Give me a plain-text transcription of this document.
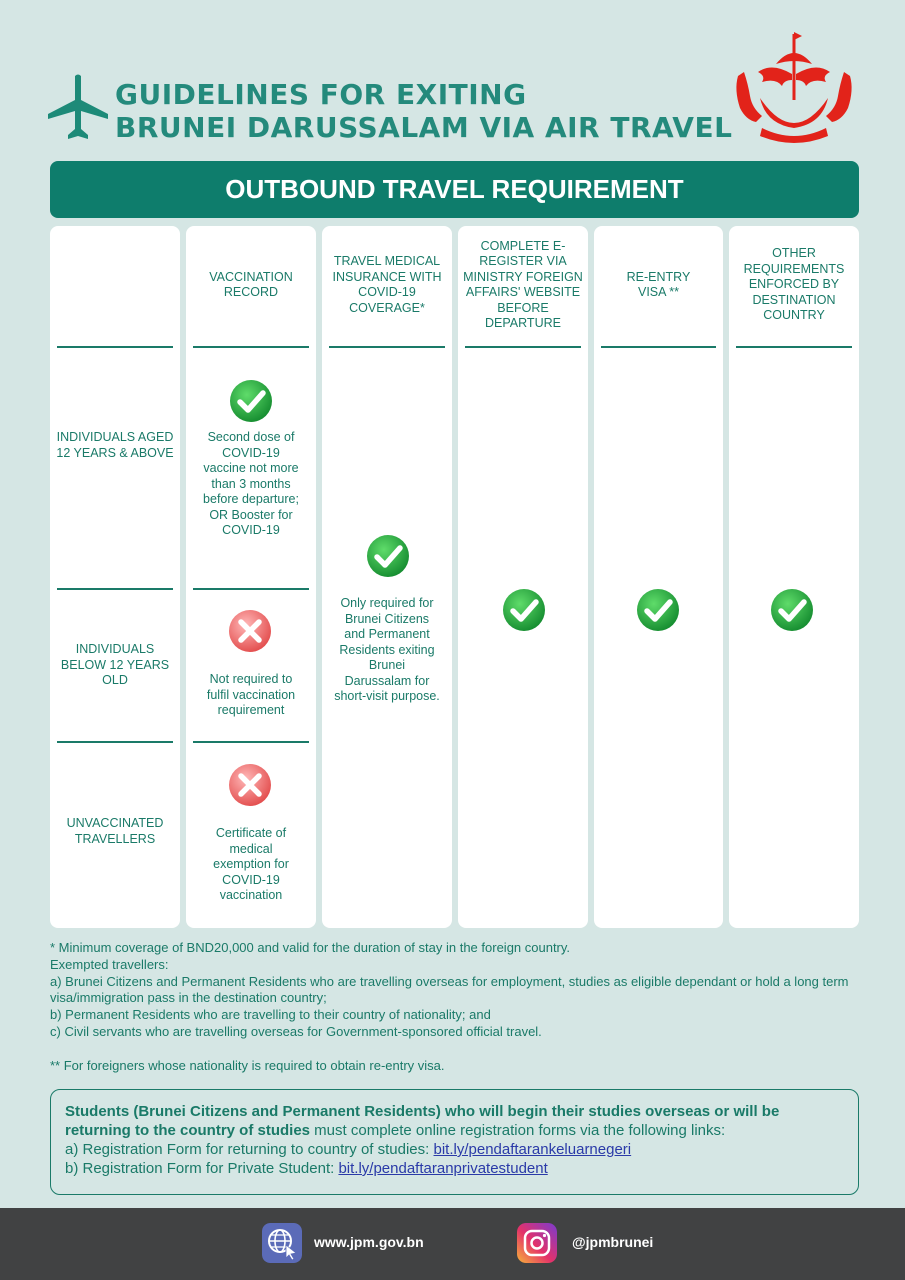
GUIDELINES FOR EXITING
BRUNEI DARUSSALAM VIA AIR TRAVEL
OUTBOUND TRAVEL REQUIREMENT
INDIVIDUALS AGED 12 YEARS & ABOVE
INDIVIDUALS BELOW 12 YEARS OLD
UNVACCINATED TRAVELLERS
VACCINATION RECORD
Second dose of COVID-19 vaccine not more than 3 months before departure; OR Booster for COVID-19
Not required to fulfil vaccination requirement
Certificate of medical exemption for COVID-19 vaccination
TRAVEL MEDICAL INSURANCE WITH COVID-19 COVERAGE*
Only required for Brunei Citizens and Permanent Residents exiting Brunei Darussalam for short-visit purpose.
COMPLETE E-REGISTER VIA MINISTRY FOREIGN AFFAIRS' WEBSITE BEFORE DEPARTURE
RE-ENTRY VISA **
OTHER REQUIREMENTS ENFORCED BY DESTINATION COUNTRY

* Minimum coverage of BND20,000 and valid for the duration of stay in the foreign country.

Exempted travellers:

a) Brunei Citizens and Permanent Residents who are travelling overseas for employment, studies as eligible dependant or hold a long term visa/immigration pass in the destination country;

b) Permanent Residents who are travelling to their country of nationality; and

c) Civil servants who are travelling overseas for Government-sponsored official travel.

** For foreigners whose nationality is required to obtain re-entry visa.

Students (Brunei Citizens and Permanent Residents) who will begin their studies overseas or will be returning to the country of studies must complete online registration forms via the following links:
a) Registration Form for returning to country of studies: bit.ly/pendaftarankeluarnegeri
b) Registration Form for Private Student: bit.ly/pendaftaranprivatestudent
www.jpm.gov.bn	@jpmbrunei
